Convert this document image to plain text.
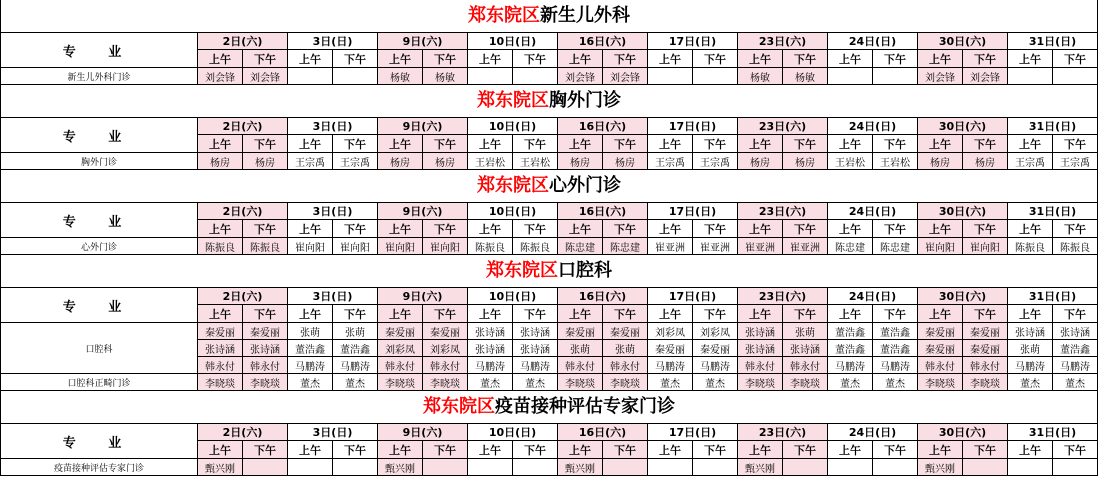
郑东院区新生儿外科
专 业	2日(六)		3日(日)		9日(六)		10日(日)		16日(六)		17日(日)		23日(六)		24日(日)		30日(六)		31日(日)	
	上午	下午	上午	下午	上午	下午	上午	下午	上午	下午	上午	下午	上午	下午	上午	下午	上午	下午	上午	下午
新生儿外科门诊	刘会锋	刘会锋			杨敏	杨敏			刘会锋	刘会锋			杨敏	杨敏			刘会锋	刘会锋		
郑东院区胸外门诊
专 业	2日(六)		3日(日)		9日(六)		10日(日)		16日(六)		17日(日)		23日(六)		24日(日)		30日(六)		31日(日)	
	上午	下午	上午	下午	上午	下午	上午	下午	上午	下午	上午	下午	上午	下午	上午	下午	上午	下午	上午	下午
胸外门诊	杨房	杨房	王宗禹	王宗禹	杨房	杨房	王岩松	王岩松	杨房	杨房	王宗禹	王宗禹	杨房	杨房	王岩松	王岩松	杨房	杨房	王宗禹	王宗禹
郑东院区心外门诊
专 业	2日(六)		3日(日)		9日(六)		10日(日)		16日(六)		17日(日)		23日(六)		24日(日)		30日(六)		31日(日)	
	上午	下午	上午	下午	上午	下午	上午	下午	上午	下午	上午	下午	上午	下午	上午	下午	上午	下午	上午	下午
心外门诊	陈振良	陈振良	崔向阳	崔向阳	崔向阳	崔向阳	陈振良	陈振良	陈忠建	陈忠建	崔亚洲	崔亚洲	崔亚洲	崔亚洲	陈忠建	陈忠建	崔向阳	崔向阳	陈振良	陈振良
郑东院区口腔科
专 业	2日(六)		3日(日)		9日(六)		10日(日)		16日(六)		17日(日)		23日(六)		24日(日)		30日(六)		31日(日)	
	上午	下午	上午	下午	上午	下午	上午	下午	上午	下午	上午	下午	上午	下午	上午	下午	上午	下午	上午	下午
口腔科	秦爱丽	秦爱丽	张萌	张萌	秦爱丽	秦爱丽	张诗涵	张诗涵	秦爱丽	秦爱丽	刘彩凤	刘彩凤	张诗涵	张萌	董浩鑫	董浩鑫	秦爱丽	秦爱丽	张诗涵	张诗涵
	张诗涵	张诗涵	董浩鑫	董浩鑫	刘彩凤	刘彩凤	张诗涵	张诗涵	张萌	张萌	秦爱丽	秦爱丽	张诗涵	张诗涵	董浩鑫	董浩鑫	秦爱丽	秦爱丽	张萌	董浩鑫
	韩永付	韩永付	马鹏涛	马鹏涛	韩永付	韩永付	马鹏涛	马鹏涛	韩永付	韩永付	马鹏涛	马鹏涛	韩永付	韩永付	马鹏涛	马鹏涛	韩永付	韩永付	马鹏涛	马鹏涛
口腔科正畸门诊	李晓琰	李晓琰	董杰	董杰	李晓琰	李晓琰	董杰	董杰	李晓琰	李晓琰	董杰	董杰	李晓琰	李晓琰	董杰	董杰	李晓琰	李晓琰	董杰	董杰
郑东院区疫苗接种评估专家门诊
专 业	2日(六)		3日(日)		9日(六)		10日(日)		16日(六)		17日(日)		23日(六)		24日(日)		30日(六)		31日(日)	
	上午	下午	上午	下午	上午	下午	上午	下午	上午	下午	上午	下午	上午	下午	上午	下午	上午	下午	上午	下午
疫苗接种评估专家门诊	甄兴刚				甄兴刚				甄兴刚				甄兴刚				甄兴刚			
